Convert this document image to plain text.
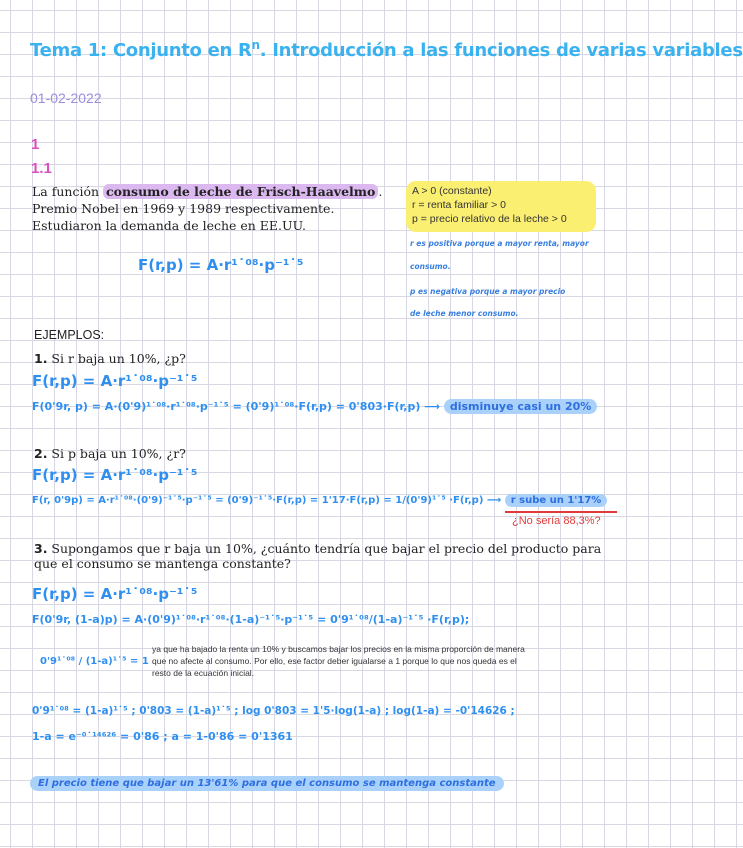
Tema 1: Conjunto en $R^n$. Introducción a las funciones de varias variables
01-02-2022
1
1.1
La función consumo de leche de Frisch-Haavelmo .
Premio Nobel en 1969 y 1989 respectivamente.
Estudiaron la demanda de leche en EE.UU.
A > 0 (constante)
r = renta familiar > 0
p = precio relativo de la leche > 0
r es positiva porque a mayor renta, mayor
consumo.
p es negativa porque a mayor precio
de leche menor consumo.
F(r,p) = A·r¹˙⁰⁸·p⁻¹˙⁵
EJEMPLOS:
1. Si r baja un 10%, ¿p?
F(r,p) = A·r¹˙⁰⁸·p⁻¹˙⁵
F(0'9r, p) = A·(0'9)¹˙⁰⁸·r¹˙⁰⁸·p⁻¹˙⁵ = (0'9)¹˙⁰⁸·F(r,p) = 0'803·F(r,p) ⟶ disminuye casi un 20%
2. Si p baja un 10%, ¿r?
F(r,p) = A·r¹˙⁰⁸·p⁻¹˙⁵
F(r, 0'9p) = A·r¹˙⁰⁸·(0'9)⁻¹˙⁵·p⁻¹˙⁵ = (0'9)⁻¹˙⁵·F(r,p) = 1'17·F(r,p) = 1/(0'9)¹˙⁵ ·F(r,p) ⟶ r sube un 1'17%
¿No sería 88,3%?
3. Supongamos que r baja un 10%, ¿cuánto tendría que bajar el precio del producto para
que el consumo se mantenga constante?
F(r,p) = A·r¹˙⁰⁸·p⁻¹˙⁵
F(0'9r, (1-a)p) = A·(0'9)¹˙⁰⁸·r¹˙⁰⁸·(1-a)⁻¹˙⁵·p⁻¹˙⁵ = 0'9¹˙⁰⁸/(1-a)⁻¹˙⁵ ·F(r,p);
0'9¹˙⁰⁸ / (1-a)¹˙⁵ = 1
ya que ha bajado la renta un 10% y buscamos bajar los precios en la misma proporción de manera
que no afecte al consumo. Por ello, ese factor deber igualarse a 1 porque lo que nos queda es el
resto de la ecuación inicial.
0'9¹˙⁰⁸ = (1-a)¹˙⁵ ; 0'803 = (1-a)¹˙⁵ ; log 0'803 = 1'5·log(1-a) ; log(1-a) = -0'14626 ;
1-a = e⁻⁰˙¹⁴⁶²⁶ = 0'86 ; a = 1-0'86 = 0'1361
El precio tiene que bajar un 13'61% para que el consumo se mantenga constante
